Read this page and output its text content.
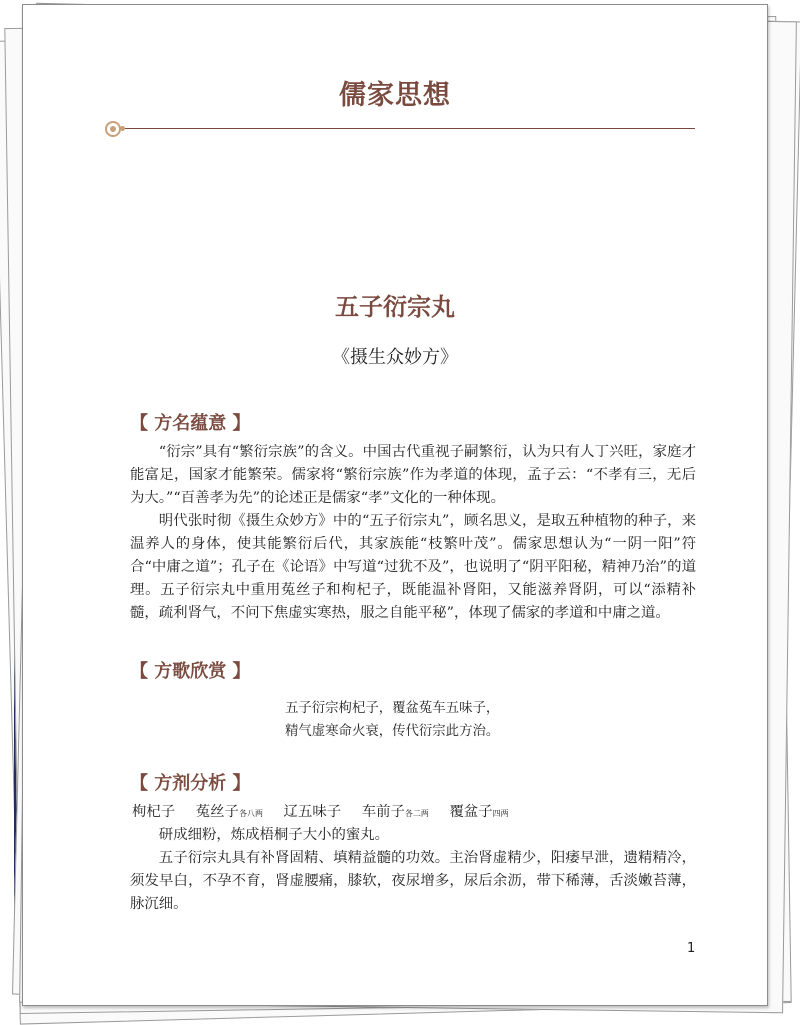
儒家思想
五子衍宗丸
《摄生众妙方》
【 方名蕴意 】

“衍宗”具有“繁衍宗族”的含义。中国古代重视子嗣繁衍，认为只有人丁兴旺，家庭才能富足，国家才能繁荣。儒家将“繁衍宗族”作为孝道的体现，孟子云：“不孝有三，无后为大。”“百善孝为先”的论述正是儒家“孝”文化的一种体现。

明代张时彻《摄生众妙方》中的“五子衍宗丸”，顾名思义，是取五种植物的种子，来温养人的身体，使其能繁衍后代，其家族能“枝繁叶茂”。儒家思想认为“一阴一阳”符合“中庸之道”；孔子在《论语》中写道“过犹不及”，也说明了“阴平阳秘，精神乃治”的道理。五子衍宗丸中重用菟丝子和枸杞子，既能温补肾阳，又能滋养肾阴，可以“添精补髓，疏利肾气，不问下焦虚实寒热，服之自能平秘”，体现了儒家的孝道和中庸之道。

【 方歌欣赏 】
五子衍宗枸杞子，覆盆菟车五味子，
精气虚寒命火衰，传代衍宗此方治。
【 方剂分析 】
枸杞子 菟丝子各八两 辽五味子 车前子各二两 覆盆子四两

研成细粉，炼成梧桐子大小的蜜丸。

五子衍宗丸具有补肾固精、填精益髓的功效。主治肾虚精少，阳痿早泄，遗精精冷，须发早白，不孕不育，肾虚腰痛，膝软，夜尿增多，尿后余沥，带下稀薄，舌淡嫩苔薄，脉沉细。

1
